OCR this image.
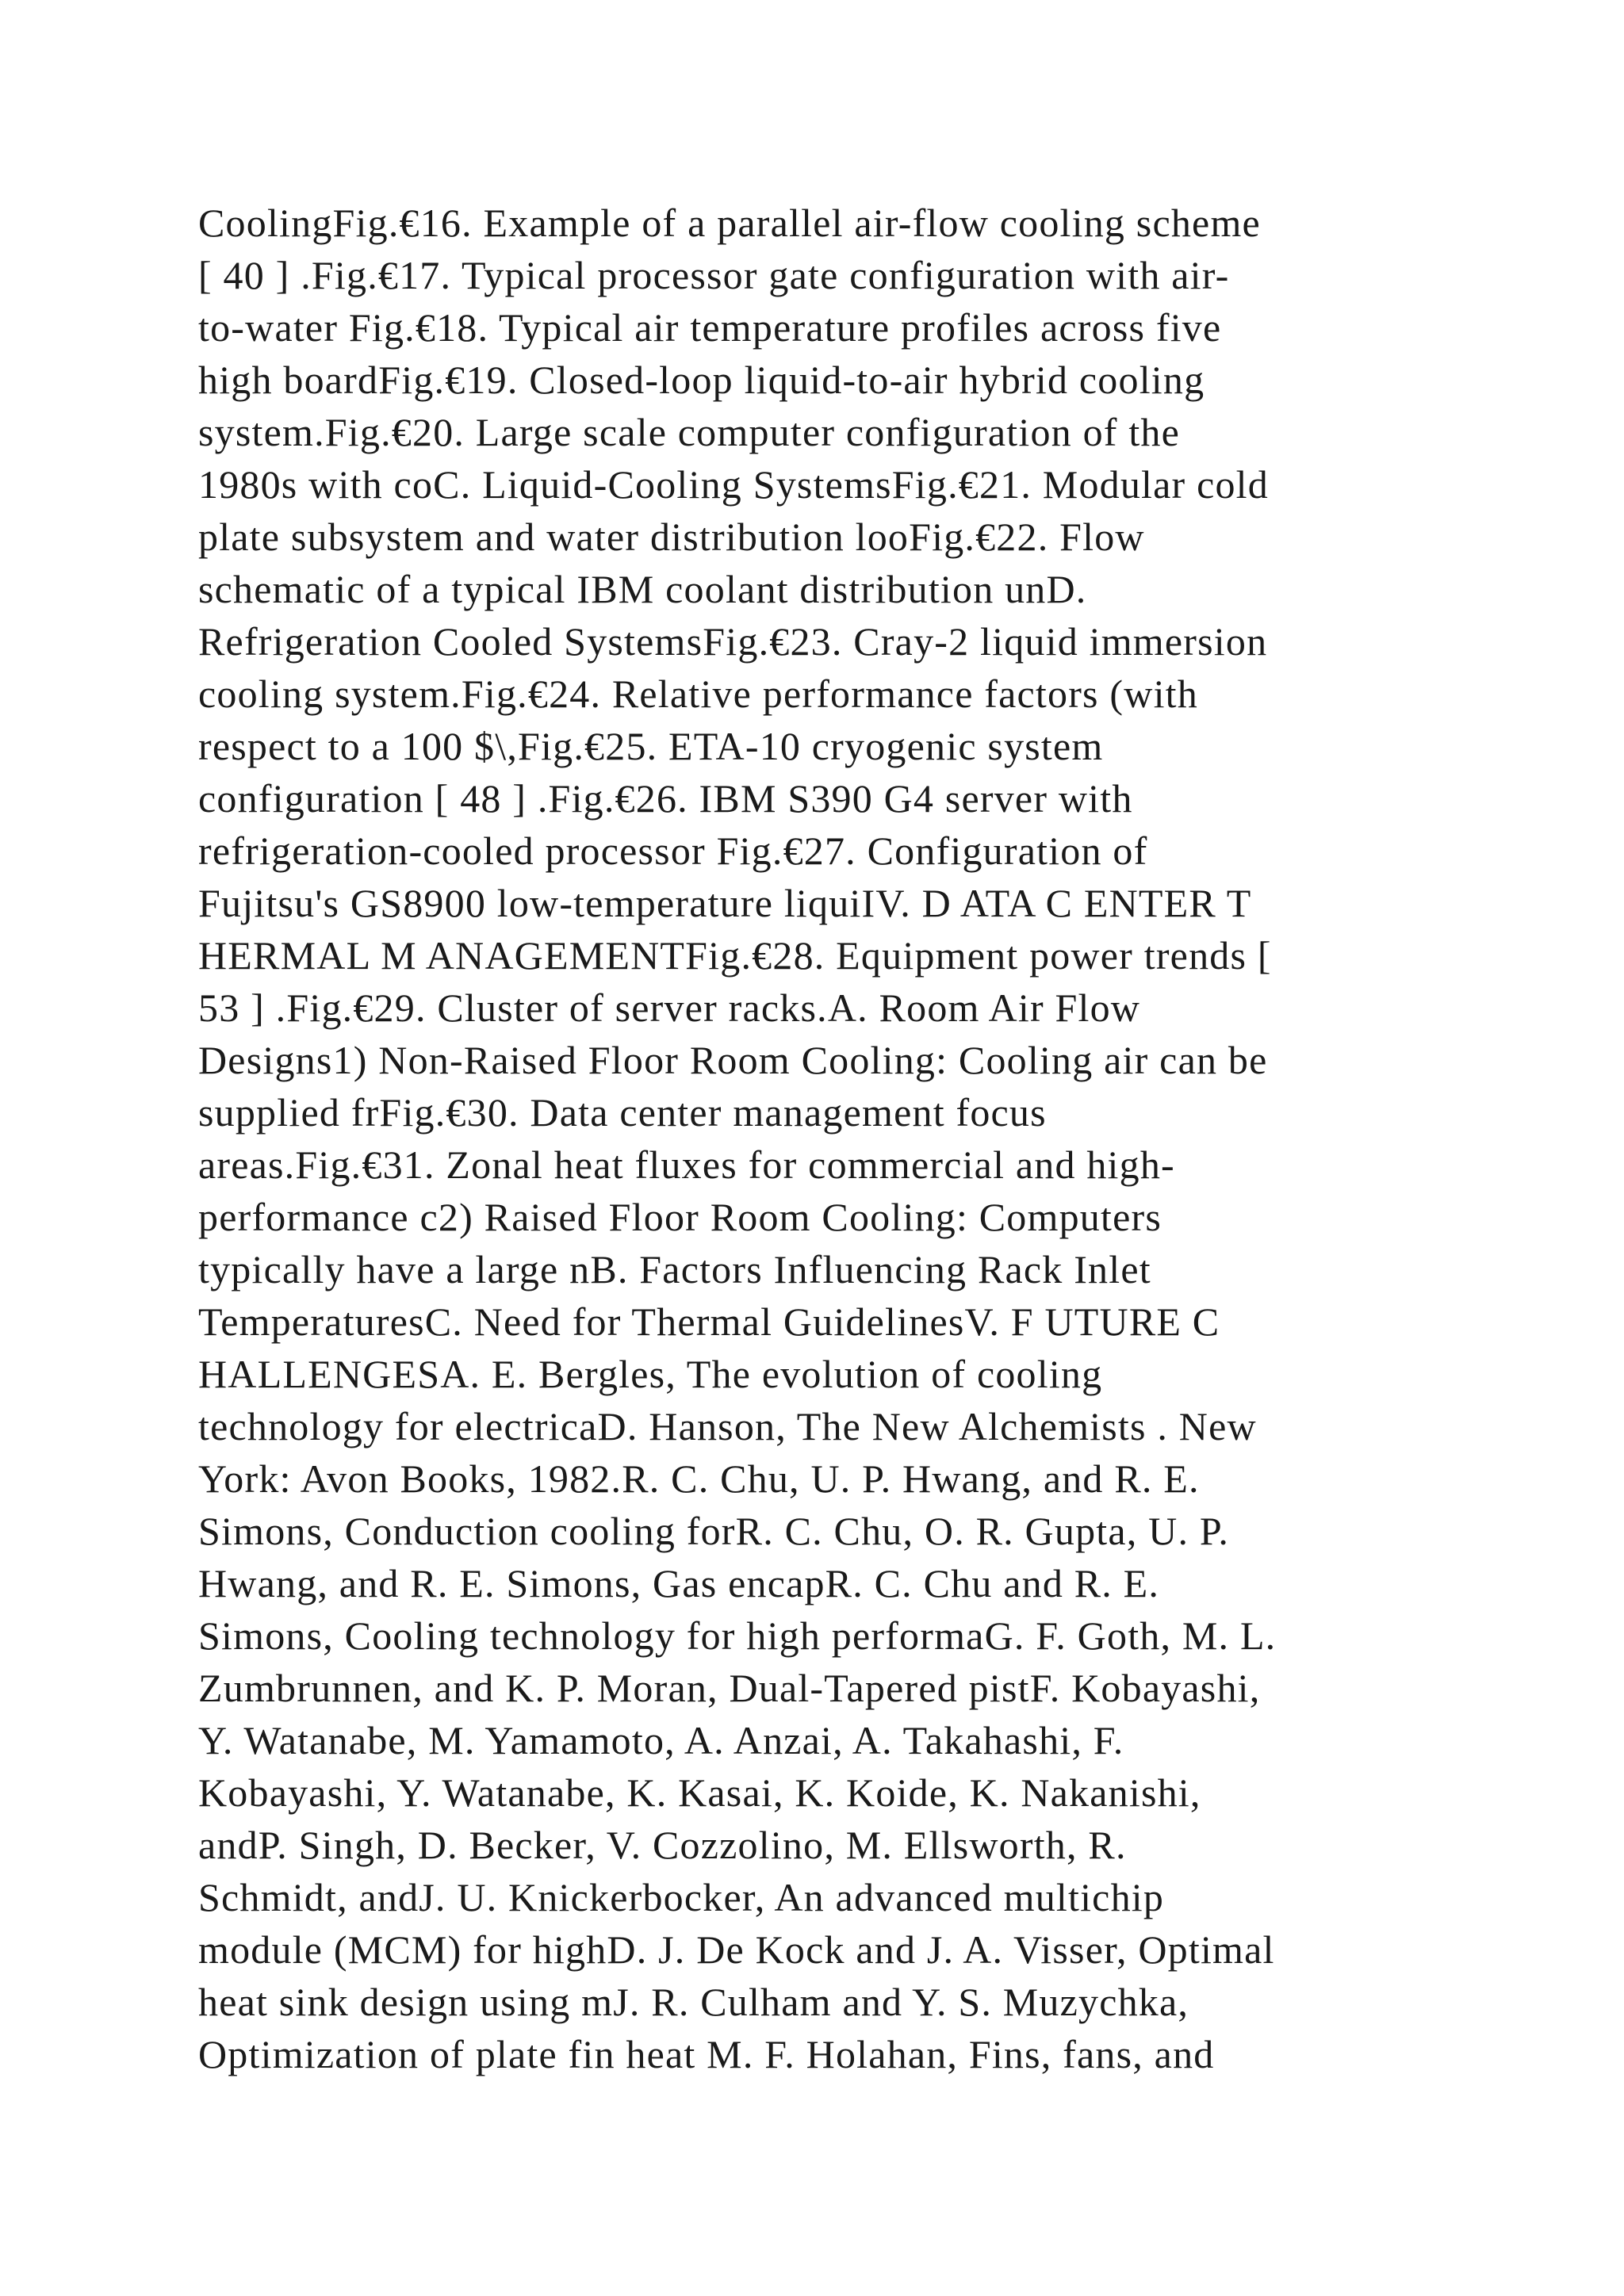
CoolingFig.€16. Example of a parallel air-flow cooling scheme
[ 40 ] .Fig.€17. Typical processor gate configuration with air-
to-water Fig.€18. Typical air temperature profiles across five
high boardFig.€19. Closed-loop liquid-to-air hybrid cooling
system.Fig.€20. Large scale computer configuration of the
1980s with coC. Liquid-Cooling SystemsFig.€21. Modular cold
plate subsystem and water distribution looFig.€22. Flow
schematic of a typical IBM coolant distribution unD.
Refrigeration Cooled SystemsFig.€23. Cray-2 liquid immersion
cooling system.Fig.€24. Relative performance factors (with
respect to a 100 $\,Fig.€25. ETA-10 cryogenic system
configuration [ 48 ] .Fig.€26. IBM S390 G4 server with
refrigeration-cooled processor Fig.€27. Configuration of
Fujitsu's GS8900 low-temperature liquiIV. D ATA C ENTER T
HERMAL M ANAGEMENTFig.€28. Equipment power trends [
53 ] .Fig.€29. Cluster of server racks.A. Room Air Flow
Designs1) Non-Raised Floor Room Cooling: Cooling air can be
supplied frFig.€30. Data center management focus
areas.Fig.€31. Zonal heat fluxes for commercial and high-
performance c2) Raised Floor Room Cooling: Computers
typically have a large nB. Factors Influencing Rack Inlet
TemperaturesC. Need for Thermal GuidelinesV. F UTURE C
HALLENGESA. E. Bergles, The evolution of cooling
technology for electricaD. Hanson, The New Alchemists . New
York: Avon Books, 1982.R. C. Chu, U. P. Hwang, and R. E.
Simons, Conduction cooling forR. C. Chu, O. R. Gupta, U. P.
Hwang, and R. E. Simons, Gas encapR. C. Chu and R. E.
Simons, Cooling technology for high performaG. F. Goth, M. L.
Zumbrunnen, and K. P. Moran, Dual-Tapered pistF. Kobayashi,
Y. Watanabe, M. Yamamoto, A. Anzai, A. Takahashi, F.
Kobayashi, Y. Watanabe, K. Kasai, K. Koide, K. Nakanishi,
andP. Singh, D. Becker, V. Cozzolino, M. Ellsworth, R.
Schmidt, andJ. U. Knickerbocker, An advanced multichip
module (MCM) for highD. J. De Kock and J. A. Visser, Optimal
heat sink design using mJ. R. Culham and Y. S. Muzychka,
Optimization of plate fin heat M. F. Holahan, Fins, fans, and
